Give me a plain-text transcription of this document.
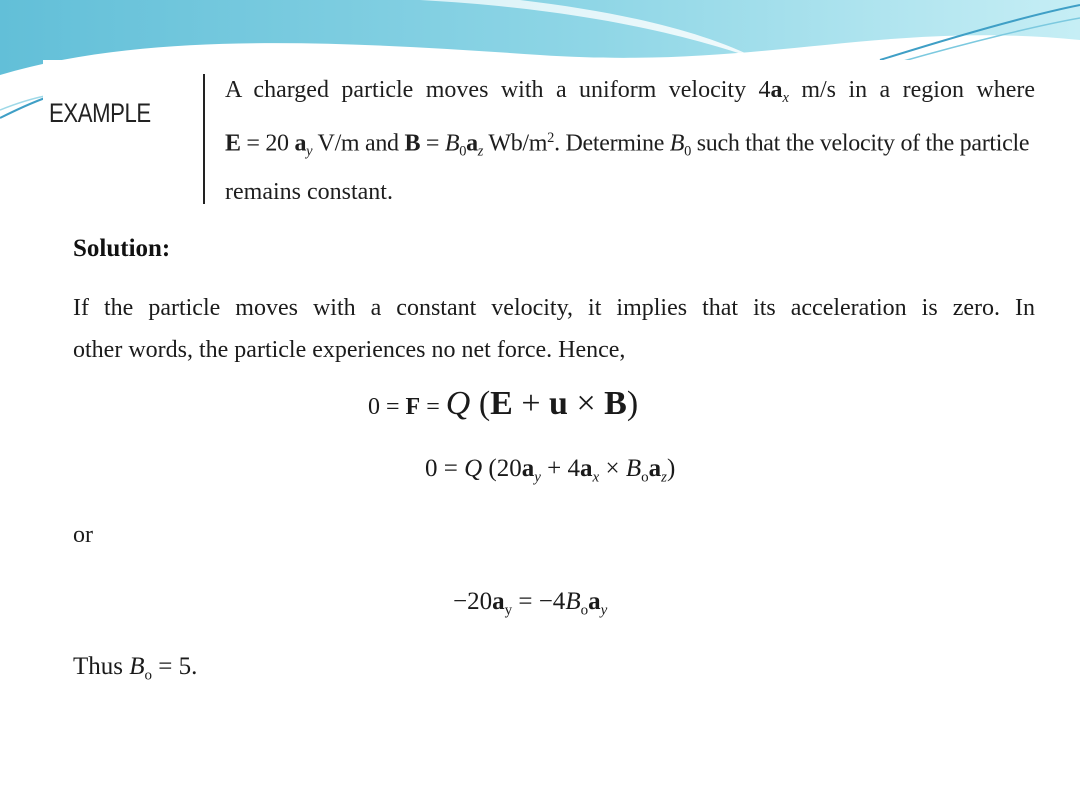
EXAMPLE
A charged particle moves with a uniform velocity $4a_x$ m/s in a region where
E = 20 $a_y$ V/m and $B = B_0a_z$ $Wb/m^2$. Determine $B_0$ such that the velocity of the particle
remains constant.
Solution:
If the particle moves with a constant velocity, it implies that its acceleration is zero. In
other words, the particle experiences no net force. Hence,
0 = F = Q (E + u × B)
0 = Q $(20a_y + 4a_x \times B_oa_z)$
or
$-20a_y = -4B_oa_y$
Thus $B_o = 5$.
